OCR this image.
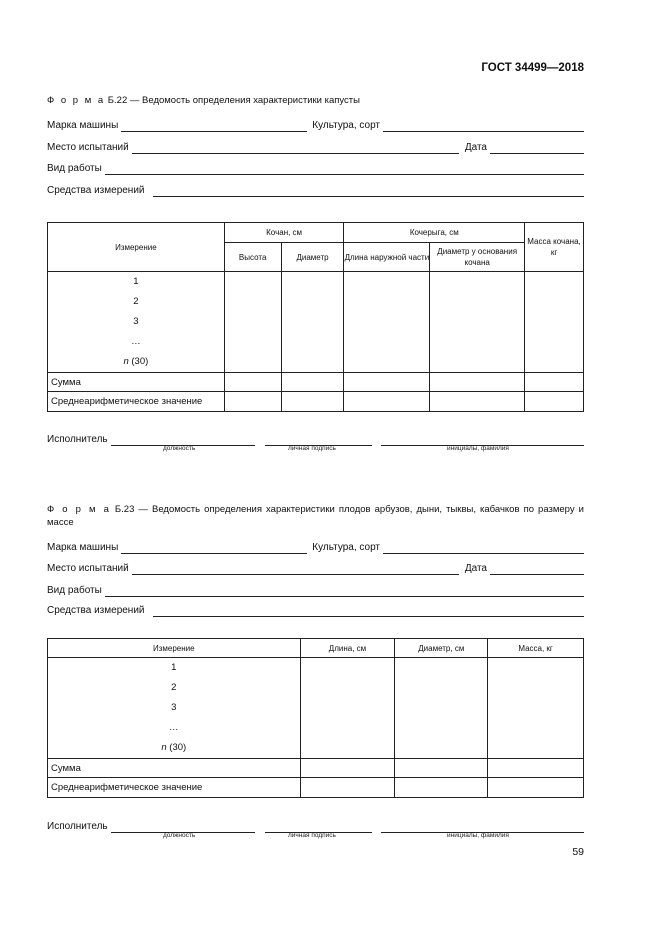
ГОСТ 34499—2018
Ф о р м а Б.22 — Ведомость определения характеристики капусты
Марка машины	Культура, сорт
Место испытаний	Дата
Вид работы
Средства измерений
Измерение	Кочан, см		Кочерыга, см		Масса кочана, кг
	Высота	Диаметр	Длина наружной части	Диаметр у основания кочана	

1
2
3
…
n (30)					

Сумма					
Среднеарифметическое значение					
Исполнитель
должность	личная подпись	инициалы, фамилия
Ф о р м а Б.23 — Ведомость определения характеристики плодов арбузов, дыни, тыквы, кабачков по размеру и
массе
Марка машины	Культура, сорт
Место испытаний	Дата
Вид работы
Средства измерений
Измерение	Длина, см	Диаметр, см	Масса, кг

1
2
3
…
n (30)			

Сумма			
Среднеарифметическое значение			
Исполнитель
должность	личная подпись	инициалы, фамилия
59
